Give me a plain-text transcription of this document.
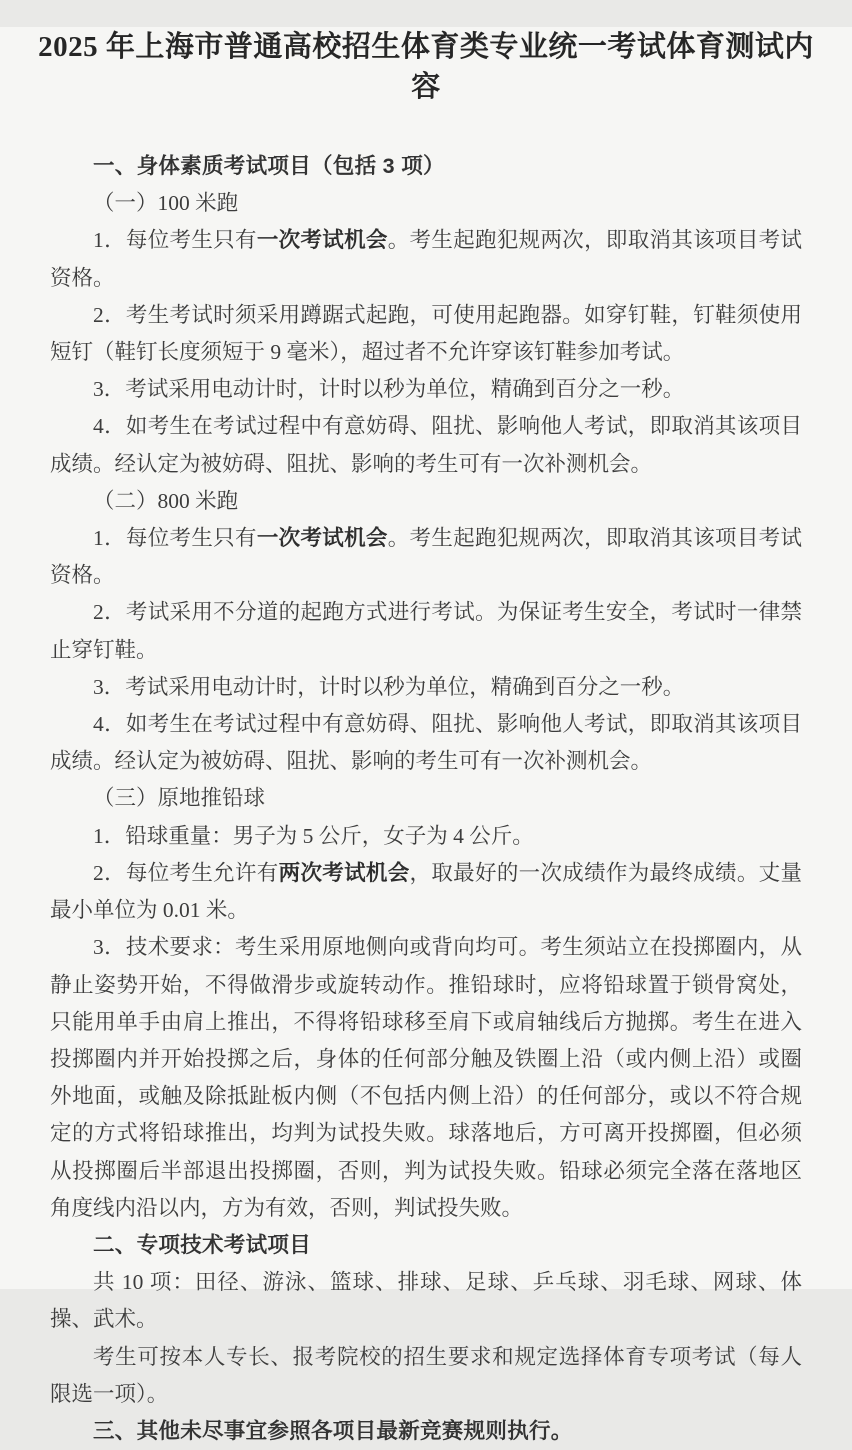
2025 年上海市普通高校招生体育类专业统一考试体育测试内容
一、身体素质考试项目（包括 3 项）
（一）100 米跑
1．每位考生只有一次考试机会。考生起跑犯规两次，即取消其该项目考试资格。
2．考生考试时须采用蹲踞式起跑，可使用起跑器。如穿钉鞋，钉鞋须使用短钉（鞋钉长度须短于 9 毫米），超过者不允许穿该钉鞋参加考试。
3．考试采用电动计时，计时以秒为单位，精确到百分之一秒。
4．如考生在考试过程中有意妨碍、阻扰、影响他人考试，即取消其该项目成绩。经认定为被妨碍、阻扰、影响的考生可有一次补测机会。
（二）800 米跑
1．每位考生只有一次考试机会。考生起跑犯规两次，即取消其该项目考试资格。
2．考试采用不分道的起跑方式进行考试。为保证考生安全，考试时一律禁止穿钉鞋。
3．考试采用电动计时，计时以秒为单位，精确到百分之一秒。
4．如考生在考试过程中有意妨碍、阻扰、影响他人考试，即取消其该项目成绩。经认定为被妨碍、阻扰、影响的考生可有一次补测机会。
（三）原地推铅球
1．铅球重量：男子为 5 公斤，女子为 4 公斤。
2．每位考生允许有两次考试机会，取最好的一次成绩作为最终成绩。丈量最小单位为 0.01 米。
3．技术要求：考生采用原地侧向或背向均可。考生须站立在投掷圈内，从静止姿势开始，不得做滑步或旋转动作。推铅球时，应将铅球置于锁骨窝处，只能用单手由肩上推出，不得将铅球移至肩下或肩轴线后方抛掷。考生在进入投掷圈内并开始投掷之后，身体的任何部分触及铁圈上沿（或内侧上沿）或圈外地面，或触及除抵趾板内侧（不包括内侧上沿）的任何部分，或以不符合规定的方式将铅球推出，均判为试投失败。球落地后，方可离开投掷圈，但必须从投掷圈后半部退出投掷圈，否则，判为试投失败。铅球必须完全落在落地区角度线内沿以内，方为有效，否则，判试投失败。
二、专项技术考试项目
共 10 项：田径、游泳、篮球、排球、足球、乒乓球、羽毛球、网球、体操、武术。
考生可按本人专长、报考院校的招生要求和规定选择体育专项考试（每人限选一项）。
三、其他未尽事宜参照各项目最新竞赛规则执行。
